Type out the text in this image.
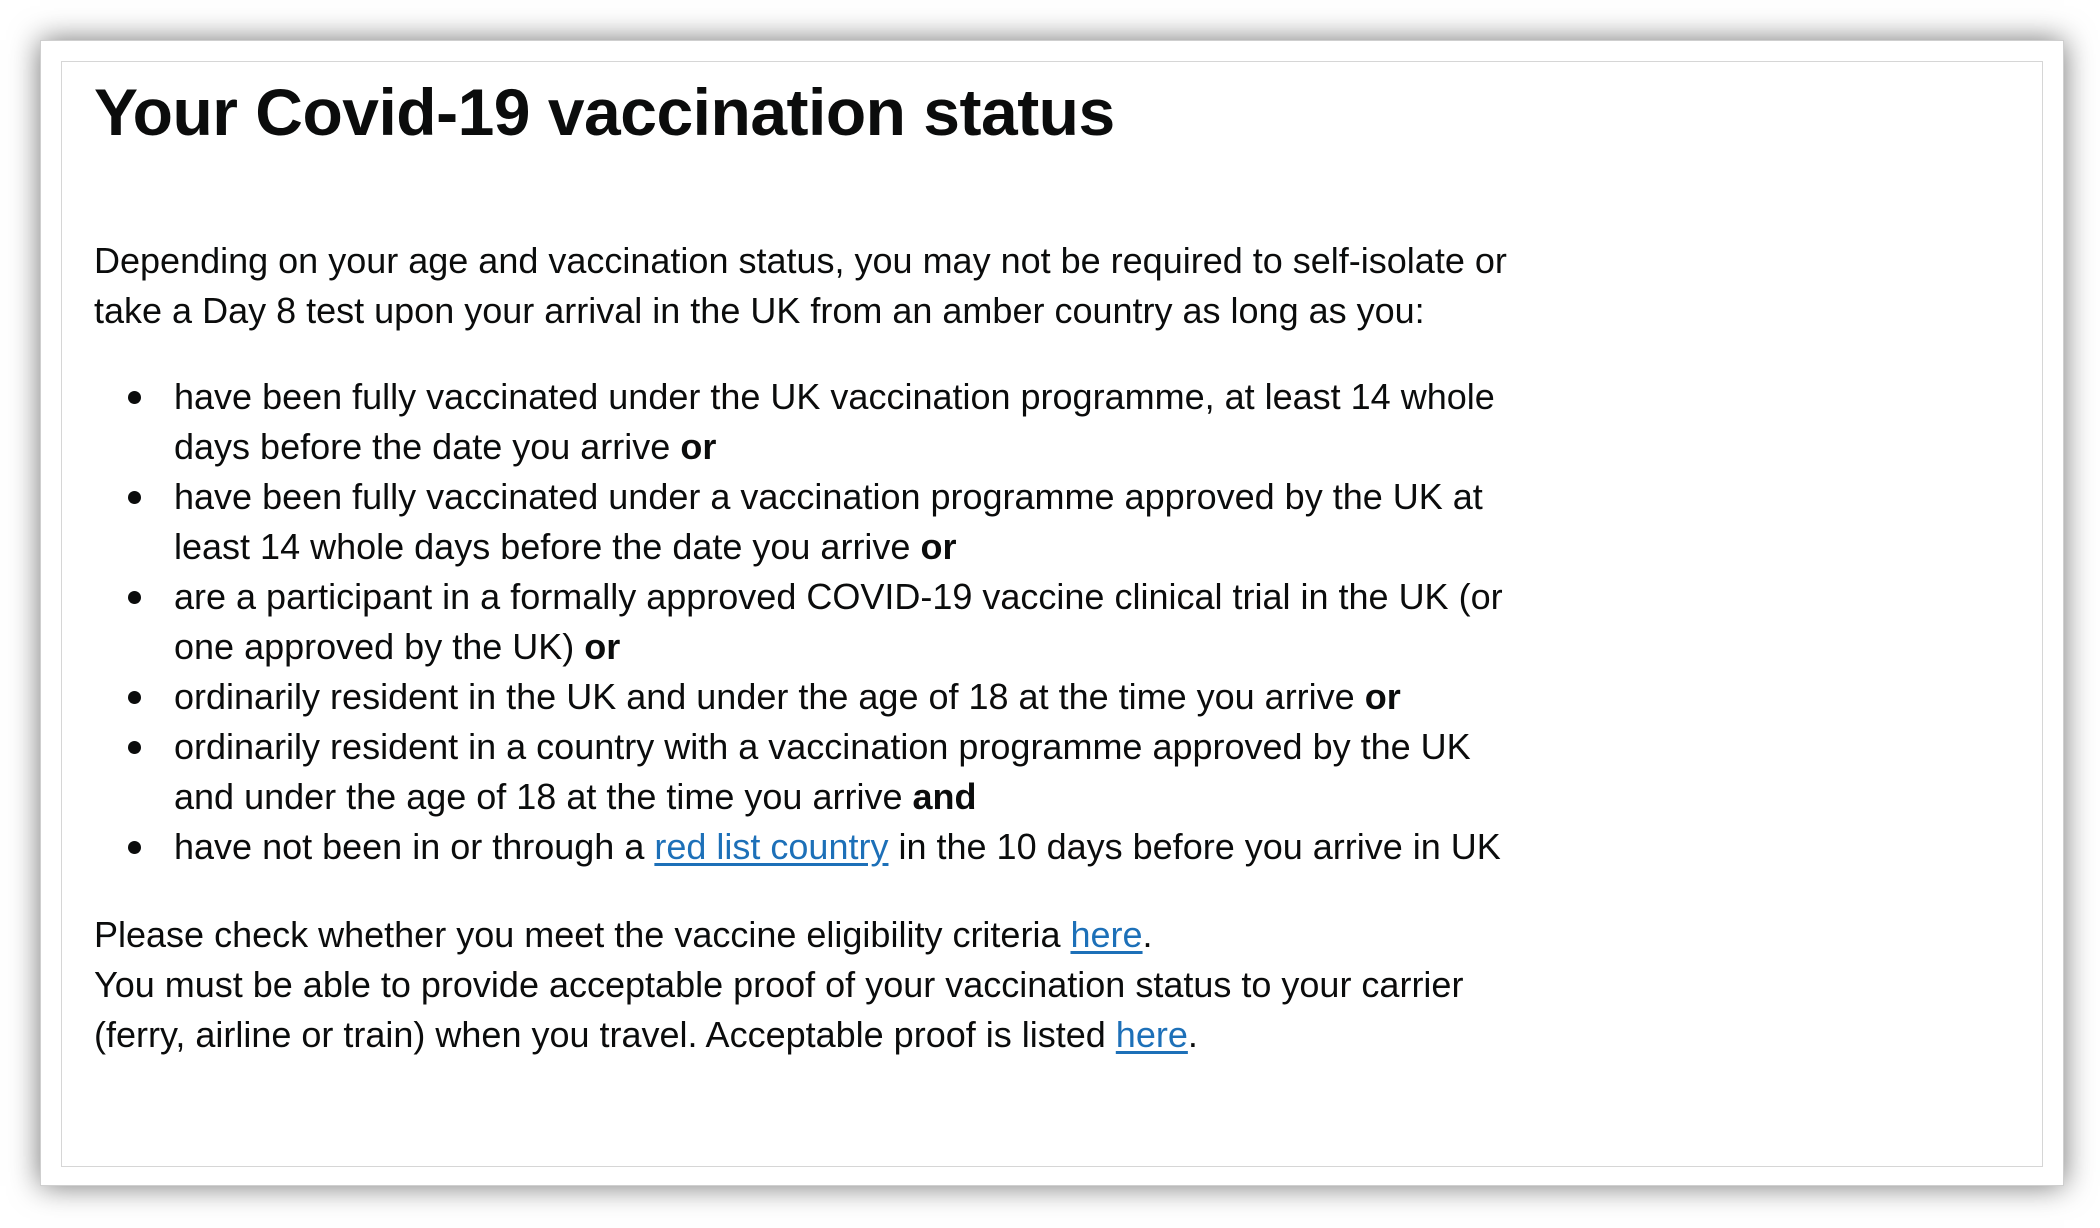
Your Covid-19 vaccination status

Depending on your age and vaccination status, you may not be required to self-isolate or take a Day 8 test upon your arrival in the UK from an amber country as long as you:

have been fully vaccinated under the UK vaccination programme, at least 14 whole days before the date you arrive or
have been fully vaccinated under a vaccination programme approved by the UK at least 14 whole days before the date you arrive or
are a participant in a formally approved COVID-19 vaccine clinical trial in the UK (or one approved by the UK) or
ordinarily resident in the UK and under the age of 18 at the time you arrive or
ordinarily resident in a country with a vaccination programme approved by the UK and under the age of 18 at the time you arrive and
have not been in or through a red list country in the 10 days before you arrive in UK

Please check whether you meet the vaccine eligibility criteria here.
You must be able to provide acceptable proof of your vaccination status to your carrier (ferry, airline or train) when you travel. Acceptable proof is listed here.
